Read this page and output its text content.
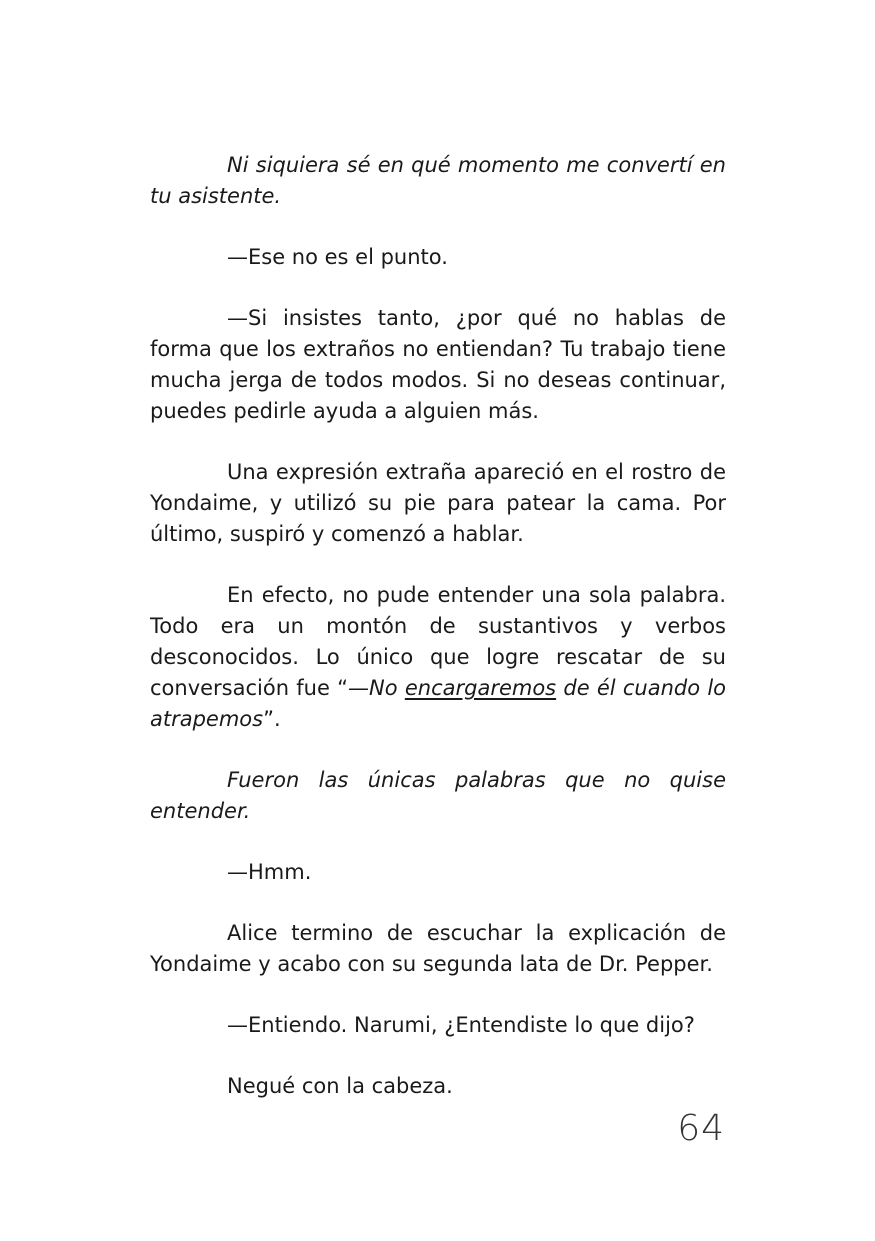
Ni siquiera sé en qué momento me convertí en tu asistente.

—Ese no es el punto.

—Si insistes tanto, ¿por qué no hablas de forma que los extraños no entiendan? Tu trabajo tiene mucha jerga de todos modos. Si no deseas continuar, puedes pedirle ayuda a alguien más.

Una expresión extraña apareció en el rostro de Yondaime, y utilizó su pie para patear la cama. Por último, suspiró y comenzó a hablar.

En efecto, no pude entender una sola palabra. Todo era un montón de sustantivos y verbos desconocidos. Lo único que logre rescatar de su conversación fue “—No encargaremos de él cuando lo atrapemos”.

Fueron las únicas palabras que no quise entender.

—Hmm.

Alice termino de escuchar la explicación de Yondaime y acabo con su segunda lata de Dr. Pepper.

—Entiendo. Narumi, ¿Entendiste lo que dijo?

Negué con la cabeza.

64
